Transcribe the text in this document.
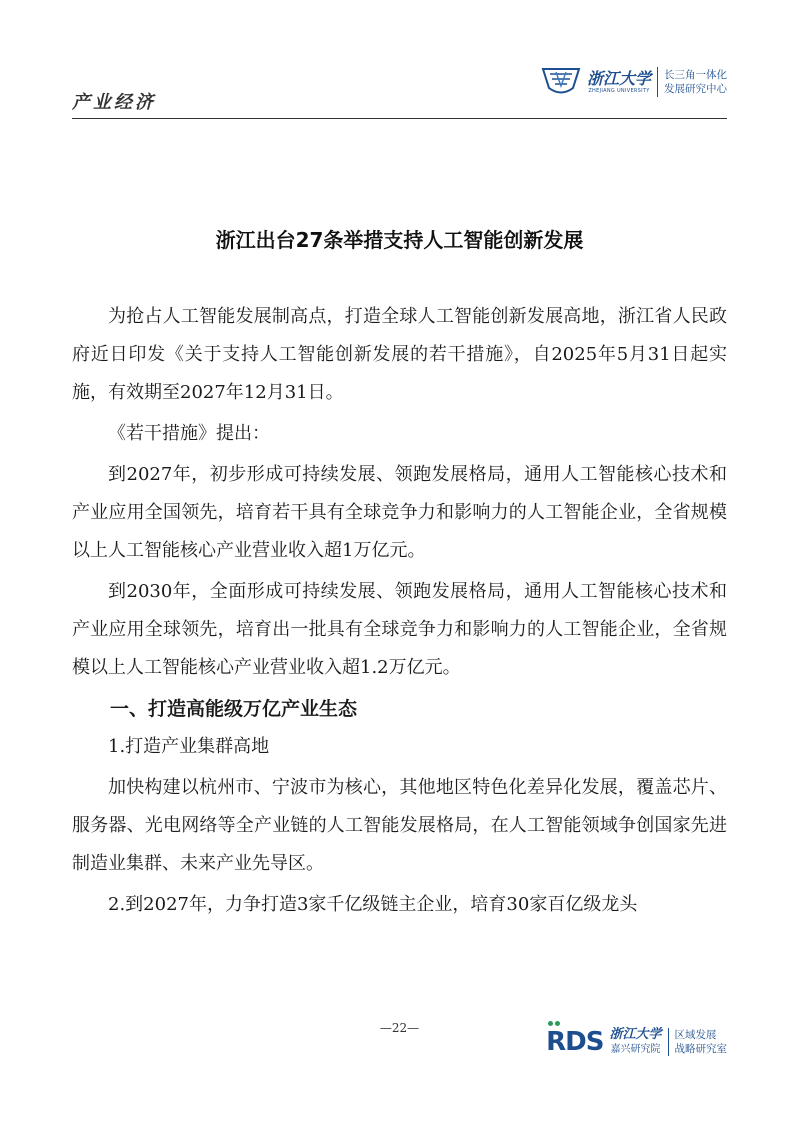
产业经济
浙江大学
ZHEJIANG UNIVERSITY
长三角一体化
发展研究中心
浙江出台27条举措支持人工智能创新发展

为抢占人工智能发展制高点，打造全球人工智能创新发展高地，浙江省人民政府近日印发《关于支持人工智能创新发展的若干措施》，自2025年5月31日起实施，有效期至2027年12月31日。

《若干措施》提出：

到2027年，初步形成可持续发展、领跑发展格局，通用人工智能核心技术和产业应用全国领先，培育若干具有全球竞争力和影响力的人工智能企业，全省规模以上人工智能核心产业营业收入超1万亿元。

到2030年，全面形成可持续发展、领跑发展格局，通用人工智能核心技术和产业应用全球领先，培育出一批具有全球竞争力和影响力的人工智能企业，全省规模以上人工智能核心产业营业收入超1.2万亿元。

一、打造高能级万亿产业生态

1.打造产业集群高地

加快构建以杭州市、宁波市为核心，其他地区特色化差异化发展，覆盖芯片、服务器、光电网络等全产业链的人工智能发展格局，在人工智能领域争创国家先进制造业集群、未来产业先导区。

2.到2027年，力争打造3家千亿级链主企业，培育30家百亿级龙头

—22—	RDS 浙江大学
嘉兴研究院
区域发展
战略研究室
